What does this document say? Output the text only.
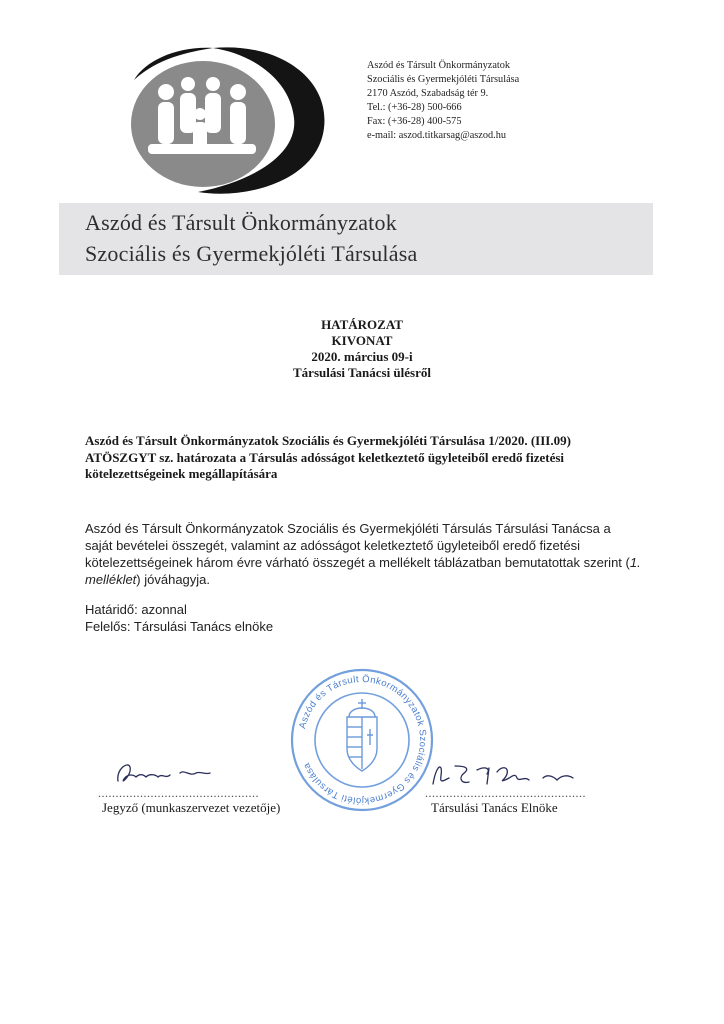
Aszód és Társult Önkormányzatok
Szociális és Gyermekjóléti Társulása
2170 Aszód, Szabadság tér 9.
Tel.: (+36-28) 500-666
Fax: (+36-28) 400-575
e-mail: aszod.titkarsag@aszod.hu
Aszód és Társult Önkormányzatok
Szociális és Gyermekjóléti Társulása
HATÁROZAT
KIVONAT
2020. március 09-i
Társulási Tanácsi ülésről
Aszód és Társult Önkormányzatok Szociális és Gyermekjóléti Társulása 1/2020. (III.09)
ATÖSZGYT sz. határozata a Társulás adósságot keletkeztető ügyleteiből eredő fizetési
kötelezettségeinek megállapítására
Aszód és Társult Önkormányzatok Szociális és Gyermekjóléti Társulás Társulási Tanácsa a
saját bevételei összegét, valamint az adósságot keletkeztető ügyleteiből eredő fizetési
kötelezettségeinek három évre várható összegét a mellékelt táblázatban bemutatottak szerint (1.
melléklet) jóváhagyja.
Határidő: azonnal
Felelős: Társulási Tanács elnöke
Aszód és Társult Önkormányzatok Szociális és Gyermekjóléti Társulása
..............................................	..............................................
Jegyző (munkaszervezet vezetője)	Társulási Tanács Elnöke
